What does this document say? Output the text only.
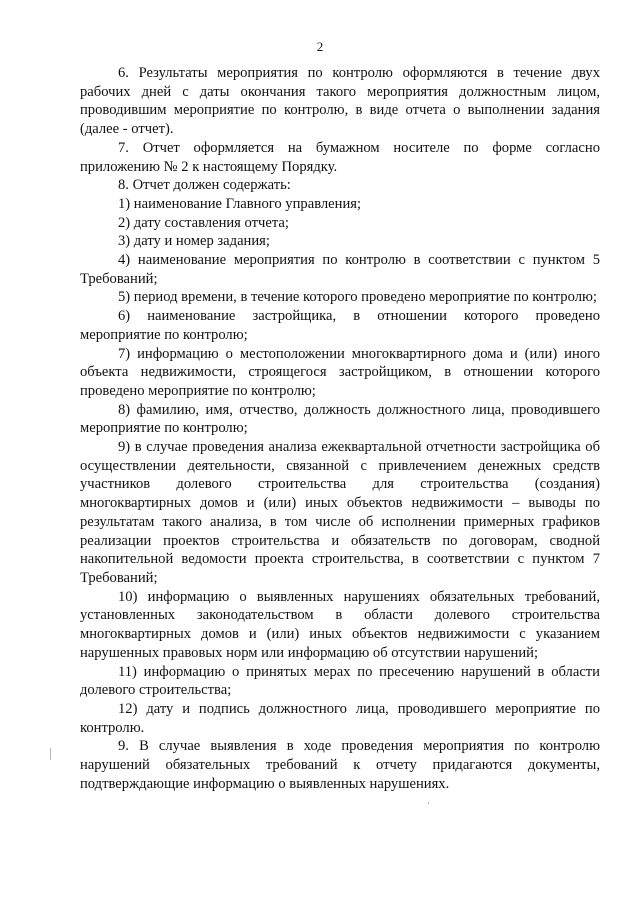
2

6. Результаты мероприятия по контролю оформляются в течение двух рабочих дней с даты окончания такого мероприятия должностным лицом, проводившим мероприятие по контролю, в виде отчета о выполнении задания (далее - отчет).

7. Отчет оформляется на бумажном носителе по форме согласно приложению № 2 к настоящему Порядку.

8. Отчет должен содержать:

1) наименование Главного управления;

2) дату составления отчета;

3) дату и номер задания;

4) наименование мероприятия по контролю в соответствии с пунктом 5 Требований;

5) период времени, в течение которого проведено мероприятие по контролю;

6) наименование застройщика, в отношении которого проведено мероприятие по контролю;

7) информацию о местоположении многоквартирного дома и (или) иного объекта недвижимости, строящегося застройщиком, в отношении которого проведено мероприятие по контролю;

8) фамилию, имя, отчество, должность должностного лица, проводившего мероприятие по контролю;

9) в случае проведения анализа ежеквартальной отчетности застройщика об осуществлении деятельности, связанной с привлечением денежных средств участников долевого строительства для строительства (создания) многоквартирных домов и (или) иных объектов недвижимости – выводы по результатам такого анализа, в том числе об исполнении примерных графиков реализации проектов строительства и обязательств по договорам, сводной накопительной ведомости проекта строительства, в соответствии с пунктом 7 Требований;

10) информацию о выявленных нарушениях обязательных требований, установленных законодательством в области долевого строительства многоквартирных домов и (или) иных объектов недвижимости с указанием нарушенных правовых норм или информацию об отсутствии нарушений;

11) информацию о принятых мерах по пресечению нарушений в области долевого строительства;

12) дату и подпись должностного лица, проводившего мероприятие по контролю.

9. В случае выявления в ходе проведения мероприятия по контролю нарушений обязательных требований к отчету придагаются документы, подтверждающие информацию о выявленных нарушениях.
